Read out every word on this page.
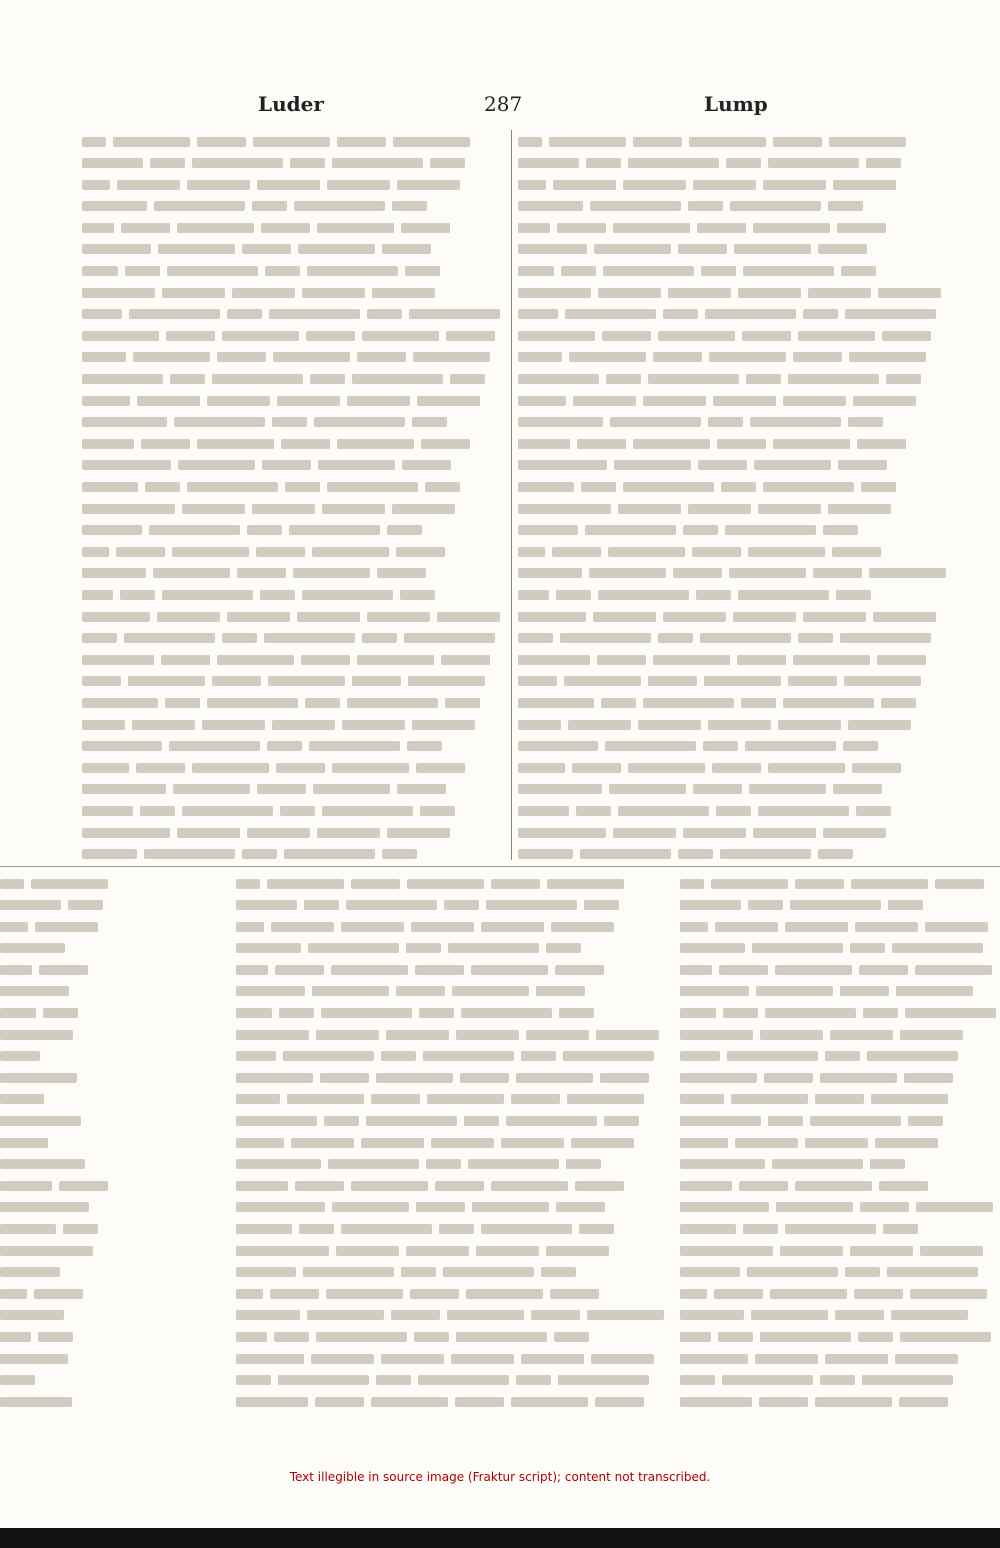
Luder	287	Lump
Text illegible in source image (Fraktur script); content not transcribed.
